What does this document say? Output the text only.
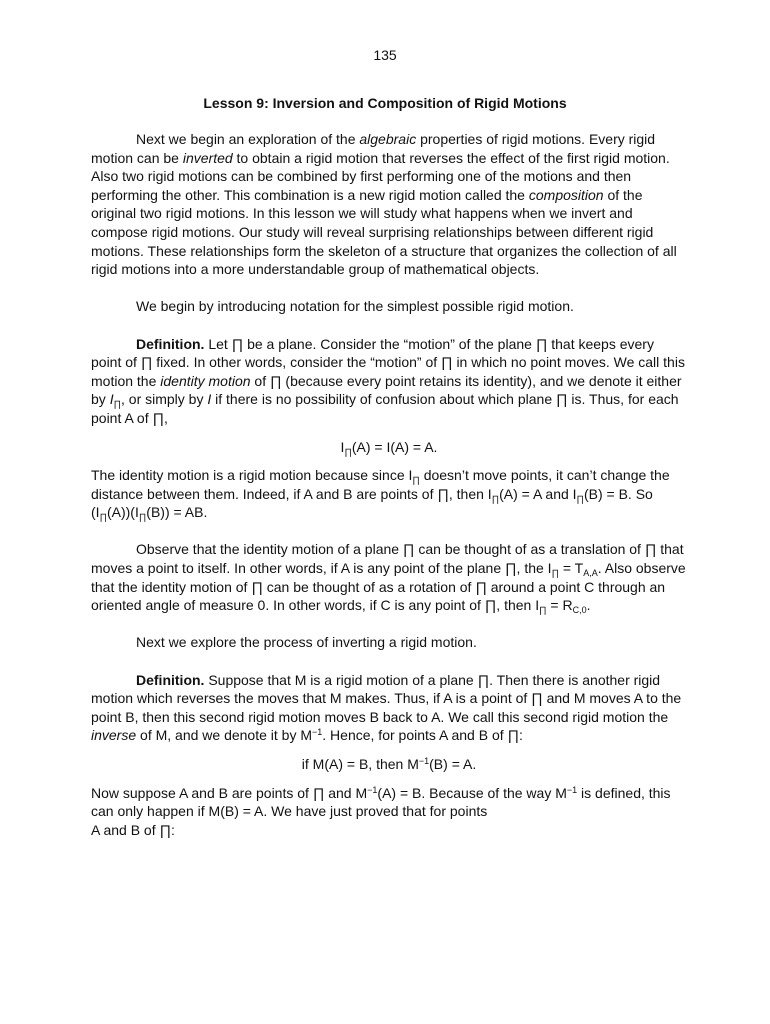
135
Lesson 9: Inversion and Composition of Rigid Motions

Next we begin an exploration of the algebraic properties of rigid motions. Every rigid motion can be inverted to obtain a rigid motion that reverses the effect of the first rigid motion. Also two rigid motions can be combined by first performing one of the motions and then performing the other. This combination is a new rigid motion called the composition of the original two rigid motions. In this lesson we will study what happens when we invert and compose rigid motions. Our study will reveal surprising relationships between different rigid motions. These relationships form the skeleton of a structure that organizes the collection of all rigid motions into a more understandable group of mathematical objects.

We begin by introducing notation for the simplest possible rigid motion.

Definition. Let ∏ be a plane. Consider the “motion” of the plane ∏ that keeps every point of ∏ fixed. In other words, consider the “motion” of ∏ in which no point moves. We call this motion the identity motion of ∏ (because every point retains its identity), and we denote it either by $I_\prod$, or simply by I if there is no possibility of confusion about which plane ∏ is. Thus, for each point A of ∏,

$I_\prod(A) = I(A) = A$.

The identity motion is a rigid motion because since $I_\prod$ doesn’t move points, it can’t change the distance between them. Indeed, if A and B are points of ∏, then $I_\prod(A) = A$ and $I_\prod(B) = B$. So $(I_\prod(A))(I_\prod(B))$ = AB.

Observe that the identity motion of a plane ∏ can be thought of as a translation of ∏ that moves a point to itself. In other words, if A is any point of the plane ∏, the $I_\prod = T_{A,A}$. Also observe that the identity motion of ∏ can be thought of as a rotation of ∏ around a point C through an oriented angle of measure 0. In other words, if C is any point of ∏, then $I_\prod = R_{C,0}$.

Next we explore the process of inverting a rigid motion.

Definition. Suppose that M is a rigid motion of a plane ∏. Then there is another rigid motion which reverses the moves that M makes. Thus, if A is a point of ∏ and M moves A to the point B, then this second rigid motion moves B back to A. We call this second rigid motion the inverse of M, and we denote it by $M^{-1}$. Hence, for points A and B of ∏:

if M(A) = B, then $M^{-1}(B) = A$.

Now suppose A and B are points of ∏ and $M^{-1}(A) = B$. Because of the way $M^{-1}$ is defined, this can only happen if M(B) = A. We have just proved that for points
A and B of ∏:
